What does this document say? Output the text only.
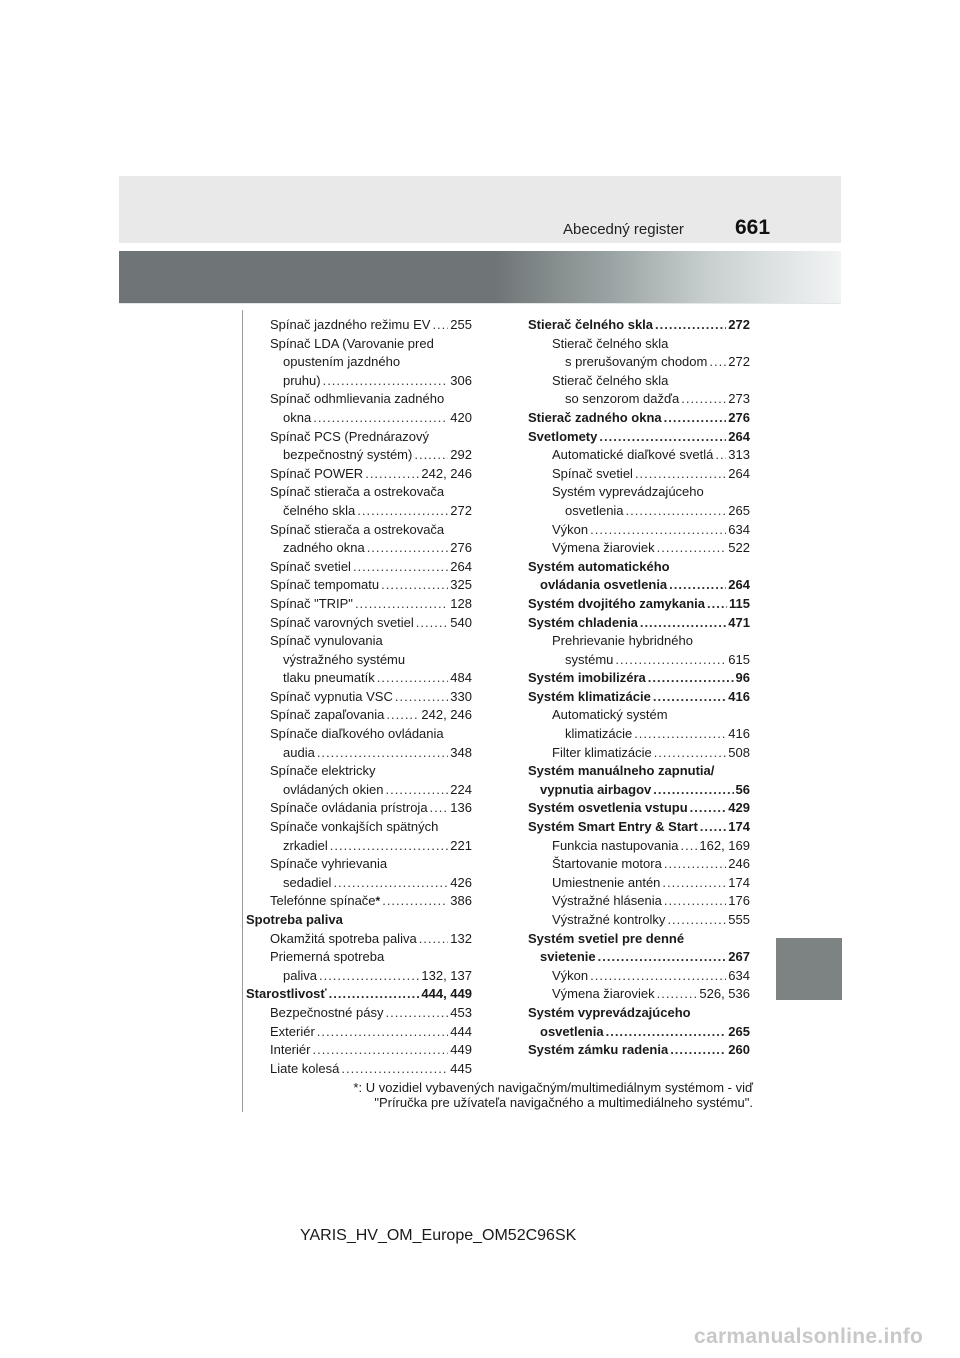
Abecedný register 661
Spínač jazdného režimu EV ..... 255
Spínač LDA (Varovanie pred
opustením jazdného
pruhu) .....	306
Spínač odhmlievania zadného
okna .....	420
Spínač PCS (Prednárazový
bezpečnostný systém) .....	292
Spínač POWER .....	242, 246
Spínač stierača a ostrekovača
čelného skla .....	272
Spínač stierača a ostrekovača
zadného okna .....	276
Spínač svetiel .....	264
Spínač tempomatu .....	325
Spínač "TRIP" .....	128
Spínač varovných svetiel .....	540
Spínač vynulovania
výstražného systému
tlaku pneumatík .....	484
Spínač vypnutia VSC .....	330
Spínač zapaľovania .....	242, 246
Spínače diaľkového ovládania
audia .....	348
Spínače elektricky
ovládaných okien .....	224
Spínače ovládania prístroja ..... 136
Spínače vonkajších spätných
zrkadiel .....	221
Spínače vyhrievania
sedadiel .....	426
Telefónne spínače * .....	386
Spotreba paliva
Okamžitá spotreba paliva .....	132
Priemerná spotreba
paliva .....	132, 137
Starostlivosť .....	444, 449
Bezpečnostné pásy .....	453
Exteriér .....	444
Interiér .....	449
Liate kolesá .....	445
Stierač čelného skla .....	272
Stierač čelného skla
s prerušovaným chodom ..... 272
Stierač čelného skla
so senzorom dažďa .....	273
Stierač zadného okna .....	276
Svetlomety .....	264
Automatické diaľkové svetlá ..... 313
Spínač svetiel .....	264
Systém vyprevádzajúceho
osvetlenia .....	265
Výkon .....	634
Výmena žiaroviek .....	522
Systém automatického
ovládania osvetlenia .....	264
Systém dvojitého zamykania ..... 115
Systém chladenia .....	471
Prehrievanie hybridného
systému .....	615
Systém imobilizéra .....	96
Systém klimatizácie .....	416
Automatický systém
klimatizácie .....	416
Filter klimatizácie .....	508
Systém manuálneho zapnutia/
vypnutia airbagov .....	56
Systém osvetlenia vstupu .....	429
Systém Smart Entry & Start ..... 174
Funkcia nastupovania ..... 162, 169
Štartovanie motora .....	246
Umiestnenie antén .....	174
Výstražné hlásenia .....	176
Výstražné kontrolky .....	555
Systém svetiel pre denné
svietenie .....	267
Výkon .....	634
Výmena žiaroviek .....	526, 536
Systém vyprevádzajúceho
osvetlenia .....	265
Systém zámku radenia .....	260
*: U vozidiel vybavených navigačným/multimediálnym systémom - viď
"Príručka pre užívateľa navigačného a multimediálneho systému".
YARIS_HV_OM_Europe_OM52C96SK
carmanualsonline.info
